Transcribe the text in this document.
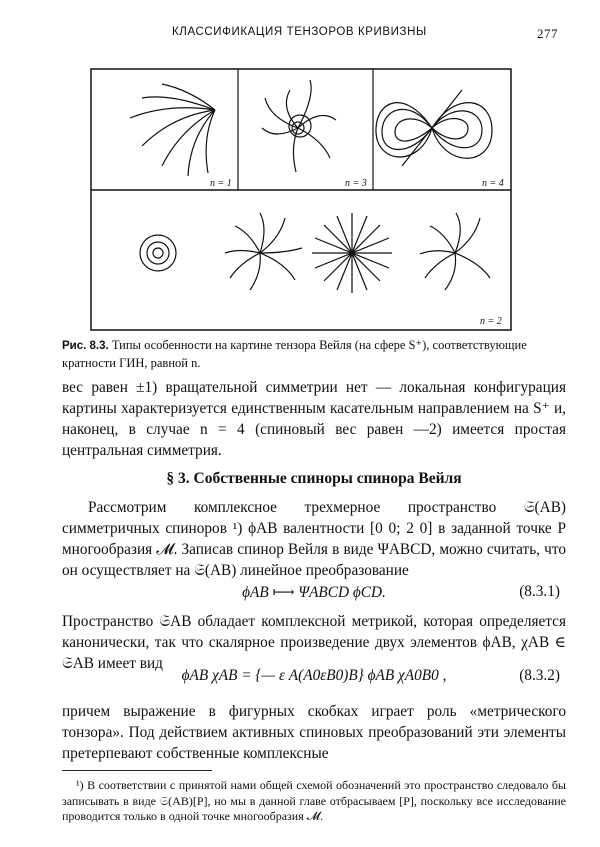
КЛАССИФИКАЦИЯ ТЕНЗОРОВ КРИВИЗНЫ	277
n = 1	n = 3	n = 4
n = 2
Рис. 8.3. Типы особенности на картине тензора Вейля (на сфере S⁺), соответствующие кратности ГИН, равной n.
вес равен ±1) вращательной симметрии нет — локальная конфигурация картины характеризуется единственным касательным направлением на S⁺ и, наконец, в случае n = 4 (спиновый вес равен —2) имеется простая центральная симметрия.
§ 3. Собственные спиноры спинора Вейля
Рассмотрим комплексное трехмерное пространство 𝔖(AB) симметричных спиноров ¹) ϕAB валентности [0 0; 2 0] в заданной точке P многообразия 𝓜. Записав спинор Вейля в виде ΨABCD, можно считать, что он осуществляет на 𝔖(AB) линейное преобразование
ϕAB ⟼ ΨABCD ϕCD.	(8.3.1)
Пространство 𝔖AB обладает комплексной метрикой, которая определяется канонически, так что скалярное произведение двух элементов ϕAB, χAB ∈ 𝔖AB имеет вид
ϕAB χAB = {— ε A(A0εB0)B} ϕAB χA0B0 ,	(8.3.2)
причем выражение в фигурных скобках играет роль «метрического тонзора». Под действием активных спиновых преобразований эти элементы претерпевают собственные комплексные
¹) В соответствии с принятой нами общей схемой обозначений это пространство следовало бы записывать в виде 𝔖(AB)[P], но мы в данной главе отбрасываем [P], поскольку все исследование проводится только в одной точке многообразия 𝓜.
